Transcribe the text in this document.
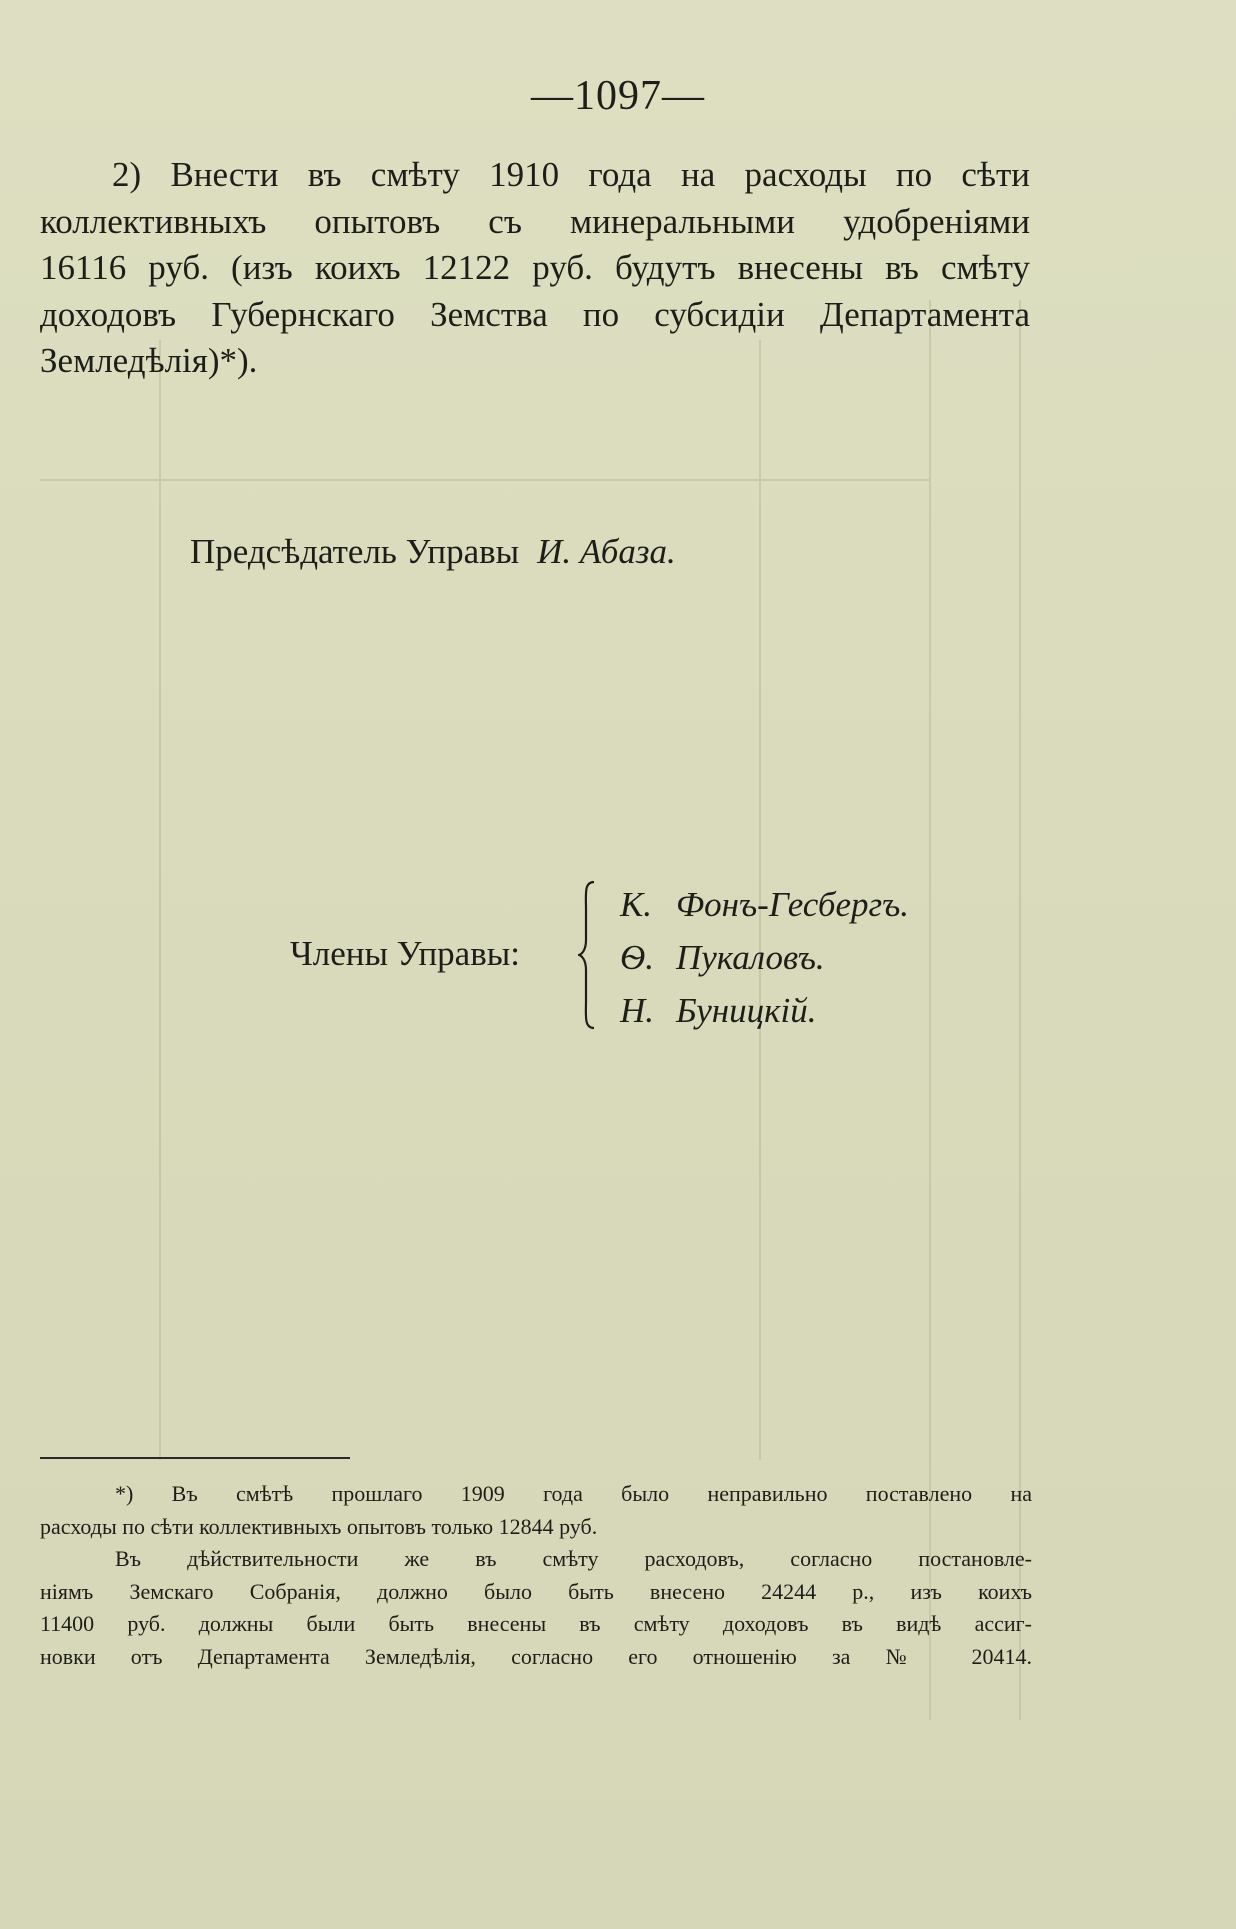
—1097—
2) Внести въ смѣту 1910 года на расходы по сѣти
коллективныхъ опытовъ съ минеральными удобреніями
16116 руб. (изъ коихъ 12122 руб. будутъ внесены въ смѣту
доходовъ Губернскаго Земства по субсидіи Департамента
Земледѣлія)*).
Предсѣдатель Управы И. Абаза.
Члены Управы:
К. Фонъ-Гесбергъ.
Ѳ. Пукаловъ.
Н. Буницкій.
*) Въ смѣтѣ прошлаго 1909 года было неправильно поставлено на
расходы по сѣти коллективныхъ опытовъ только 12844 руб.
Въ дѣйствительности же въ смѣту расходовъ, согласно постановле-
ніямъ Земскаго Собранія, должно было быть внесено 24244 р., изъ коихъ
11400 руб. должны были быть внесены въ смѣту доходовъ въ видѣ ассиг-
новки отъ Департамента Земледѣлія, согласно его отношенію за № 20414.
